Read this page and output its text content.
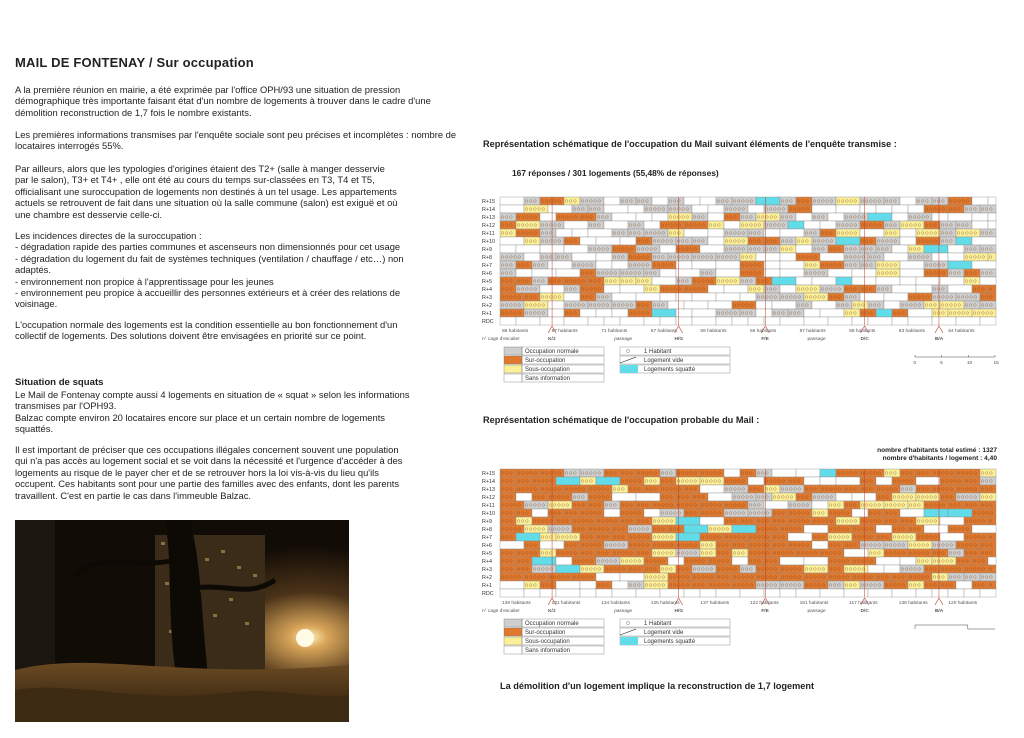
MAIL DE FONTENAY / Sur occupation
A la première réunion en mairie, a été exprimée par l'office OPH/93 une situation de pression démographique très importante faisant état d'un nombre de logements à trouver dans le cadre d'une démolition reconstruction de 1,7 fois le nombre existants.
Les premières informations transmises par l'enquête sociale sont peu précises et incomplètes : nombre de locataires interrogés 55%.
Par ailleurs, alors que les typologies d'origines étaient des T2+ (salle à manger desservie
par le salon), T3+ et T4+ , elle ont été au cours du temps sur-classées en T3, T4 et T5,
officialisant une suroccupation de logements non destinés à un tel usage. Les appartements
actuels se retrouvent de fait dans une situation où la salle commune (salon) est exiguë et où
une chambre est desservie celle-ci.
Les incidences directes de la suroccupation :
- dégradation rapide des parties communes et ascenseurs non dimensionnés pour cet usage
- dégradation du logement du fait de systèmes techniques (ventilation / chauffage / etc…) non
adaptés.
- environnement non propice à l'apprentissage pour les jeunes
- environnement peu propice à accueillir des personnes extérieurs et à créer des relations de
voisinage.
L'occupation normale des logements est la condition essentielle au bon fonctionnement d'un
collectif de logements. Des solutions doivent être envisagées en priorité sur ce point.
Situation de squats
Le Mail de Fontenay compte aussi 4 logements en situation de « squat » selon les informations
transmises par l'OPH93.
Balzac compte environ 20 locataires encore sur place et un certain nombre de logements
squattés.
Il est important de préciser que ces occupations illégales concernent souvent une population
qui n'a pas accès au logement social et se voit dans la nécessité et l'urgence d'accéder à des
logements au risque de le payer cher et de se retrouver hors la loi vis-à-vis du lieu qu'ils
occupent. Ces habitants sont pour une partie des familles avec des enfants, dont les parents
travaillent. C'est en partie le cas dans l'immeuble Balzac.
Représentation schématique de l'occupation du Mail suivant éléments de l'enquête transmise :
167 réponses / 301 logements (55,48% de réponses)
R+15
R+14
R+13
R+12
R+11
R+10
R+9
R+8
R+7
R+6
R+5
R+4
R+3
R+2
R+1
RDC
K/J	H/G	F/E	D/C	B/A
86 habitants	87 habitants	71 habitants	67 habitants	59 habitants	56 habitants	87 habitants	58 habitants	83 habitants	54 habitants
n° cage d'escalier	passage	passage
Occupation normale
Sur-occupation
Sous-occupation
Sans information
1 Habitant
Logement vide
Logements squatté
0	5	10	15
Représentation schématique de l'occupation probable du Mail :
nombre d'habitants total estimé : 1327
nombre d'habitants / logement : 4,40
R+15
R+14
R+13
R+12
R+11
R+10
R+9
R+8
R+7
R+6
R+5
R+4
R+3
R+2
R+1
RDC
K/J	H/G	F/E	D/C	B/A
138 habitants	131 habitants	134 habitants	125 habitants	137 habitants	122 habitants	161 habitants	117 habitants	138 habitants	120 habitants
n° cage d'escalier	passage	passage
Occupation normale
Sur-occupation
Sous-occupation
Sans information
1 Habitant
Logement vide
Logements squatté
La démolition d'un logement implique la reconstruction de 1,7 logement
